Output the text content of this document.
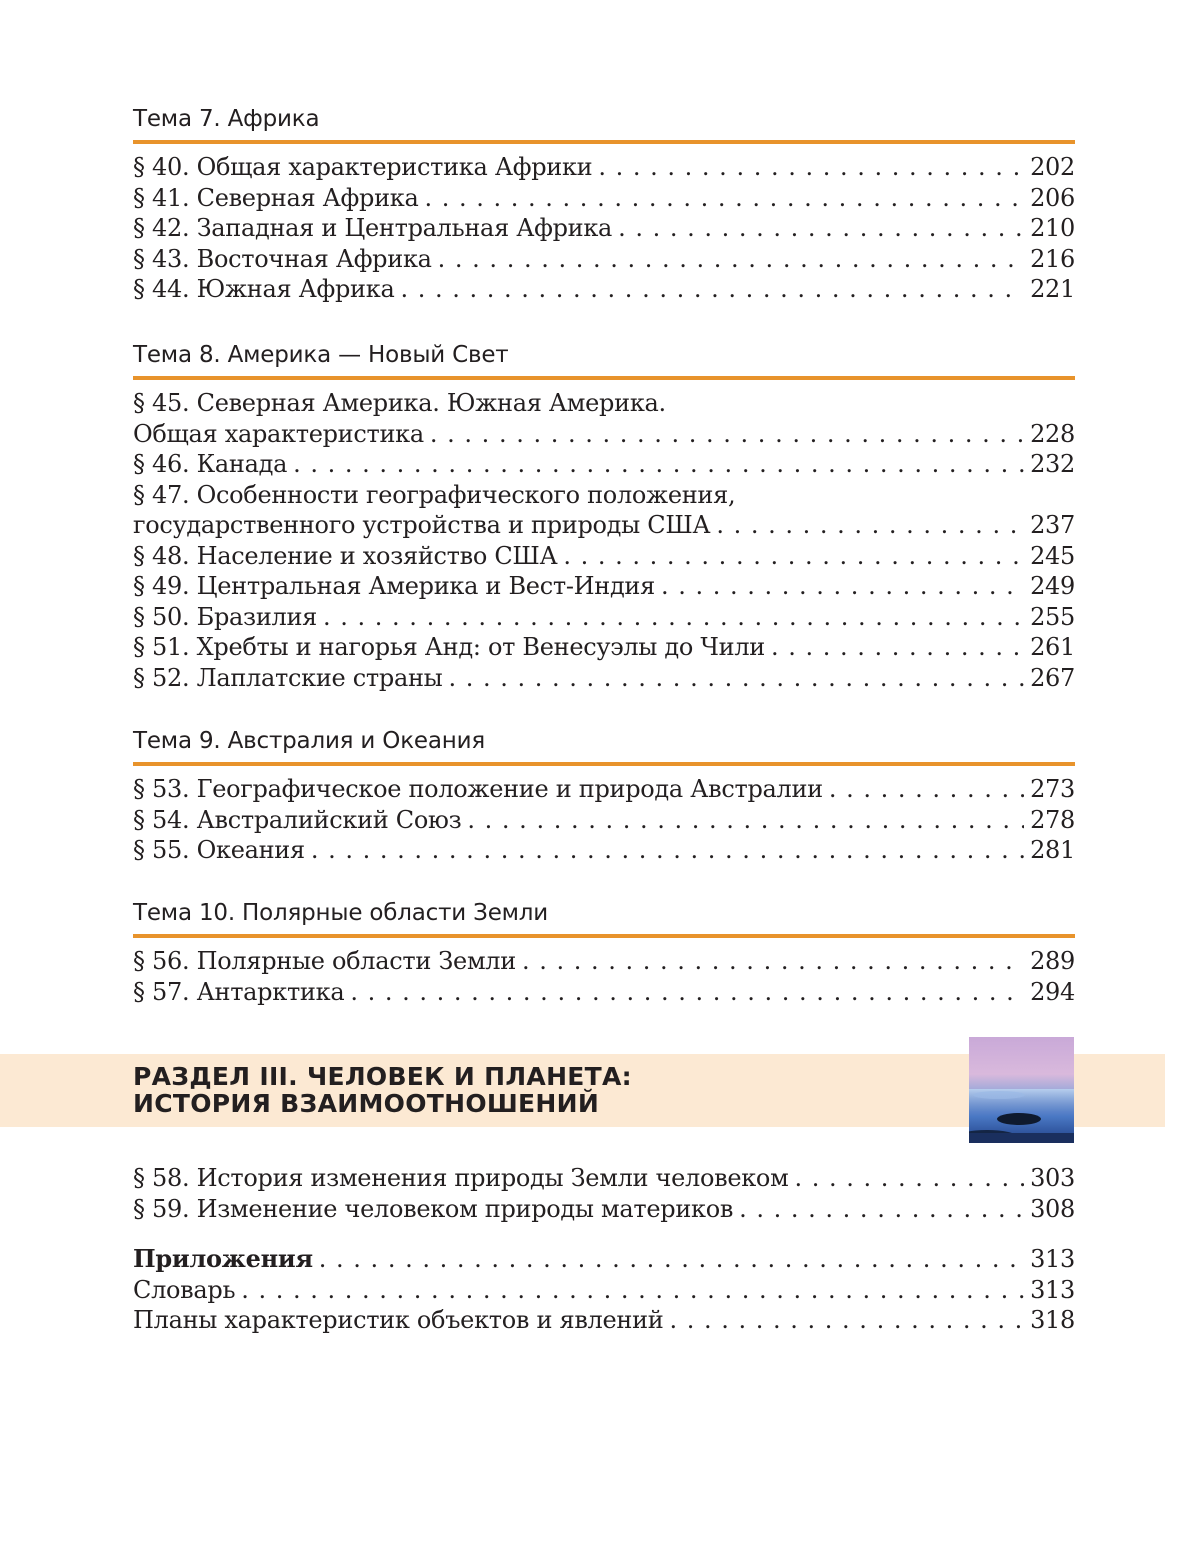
Тема 7. Африка
§ 40. Общая характеристика Африки . . .	202
§ 41. Северная Африка . . .	206
§ 42. Западная и Центральная Африка . . .	210
§ 43. Восточная Африка . . .	216
§ 44. Южная Африка . . .	221
Тема 8. Америка — Новый Свет
§ 45. Северная Америка. Южная Америка.
Общая характеристика . . .	228
§ 46. Канада . . .	232
§ 47. Особенности географического положения,
государственного устройства и природы США . . .	237
§ 48. Население и хозяйство США . . .	245
§ 49. Центральная Америка и Вест-Индия . . .	249
§ 50. Бразилия . . .	255
§ 51. Хребты и нагорья Анд: от Венесуэлы до Чили . . .	261
§ 52. Лаплатские страны . . .	267
Тема 9. Австралия и Океания
§ 53. Географическое положение и природа Австралии . . .	273
§ 54. Австралийский Союз . . .	278
§ 55. Океания . . .	281
Тема 10. Полярные области Земли
§ 56. Полярные области Земли . . .	289
§ 57. Антарктика . . .	294
РАЗДЕЛ III. ЧЕЛОВЕК И ПЛАНЕТА:
ИСТОРИЯ ВЗАИМООТНОШЕНИЙ
§ 58. История изменения природы Земли человеком . . .	303
§ 59. Изменение человеком природы материков . . .	308
Приложения . . .	313
Словарь . . .	313
Планы характеристик объектов и явлений . . .	318
